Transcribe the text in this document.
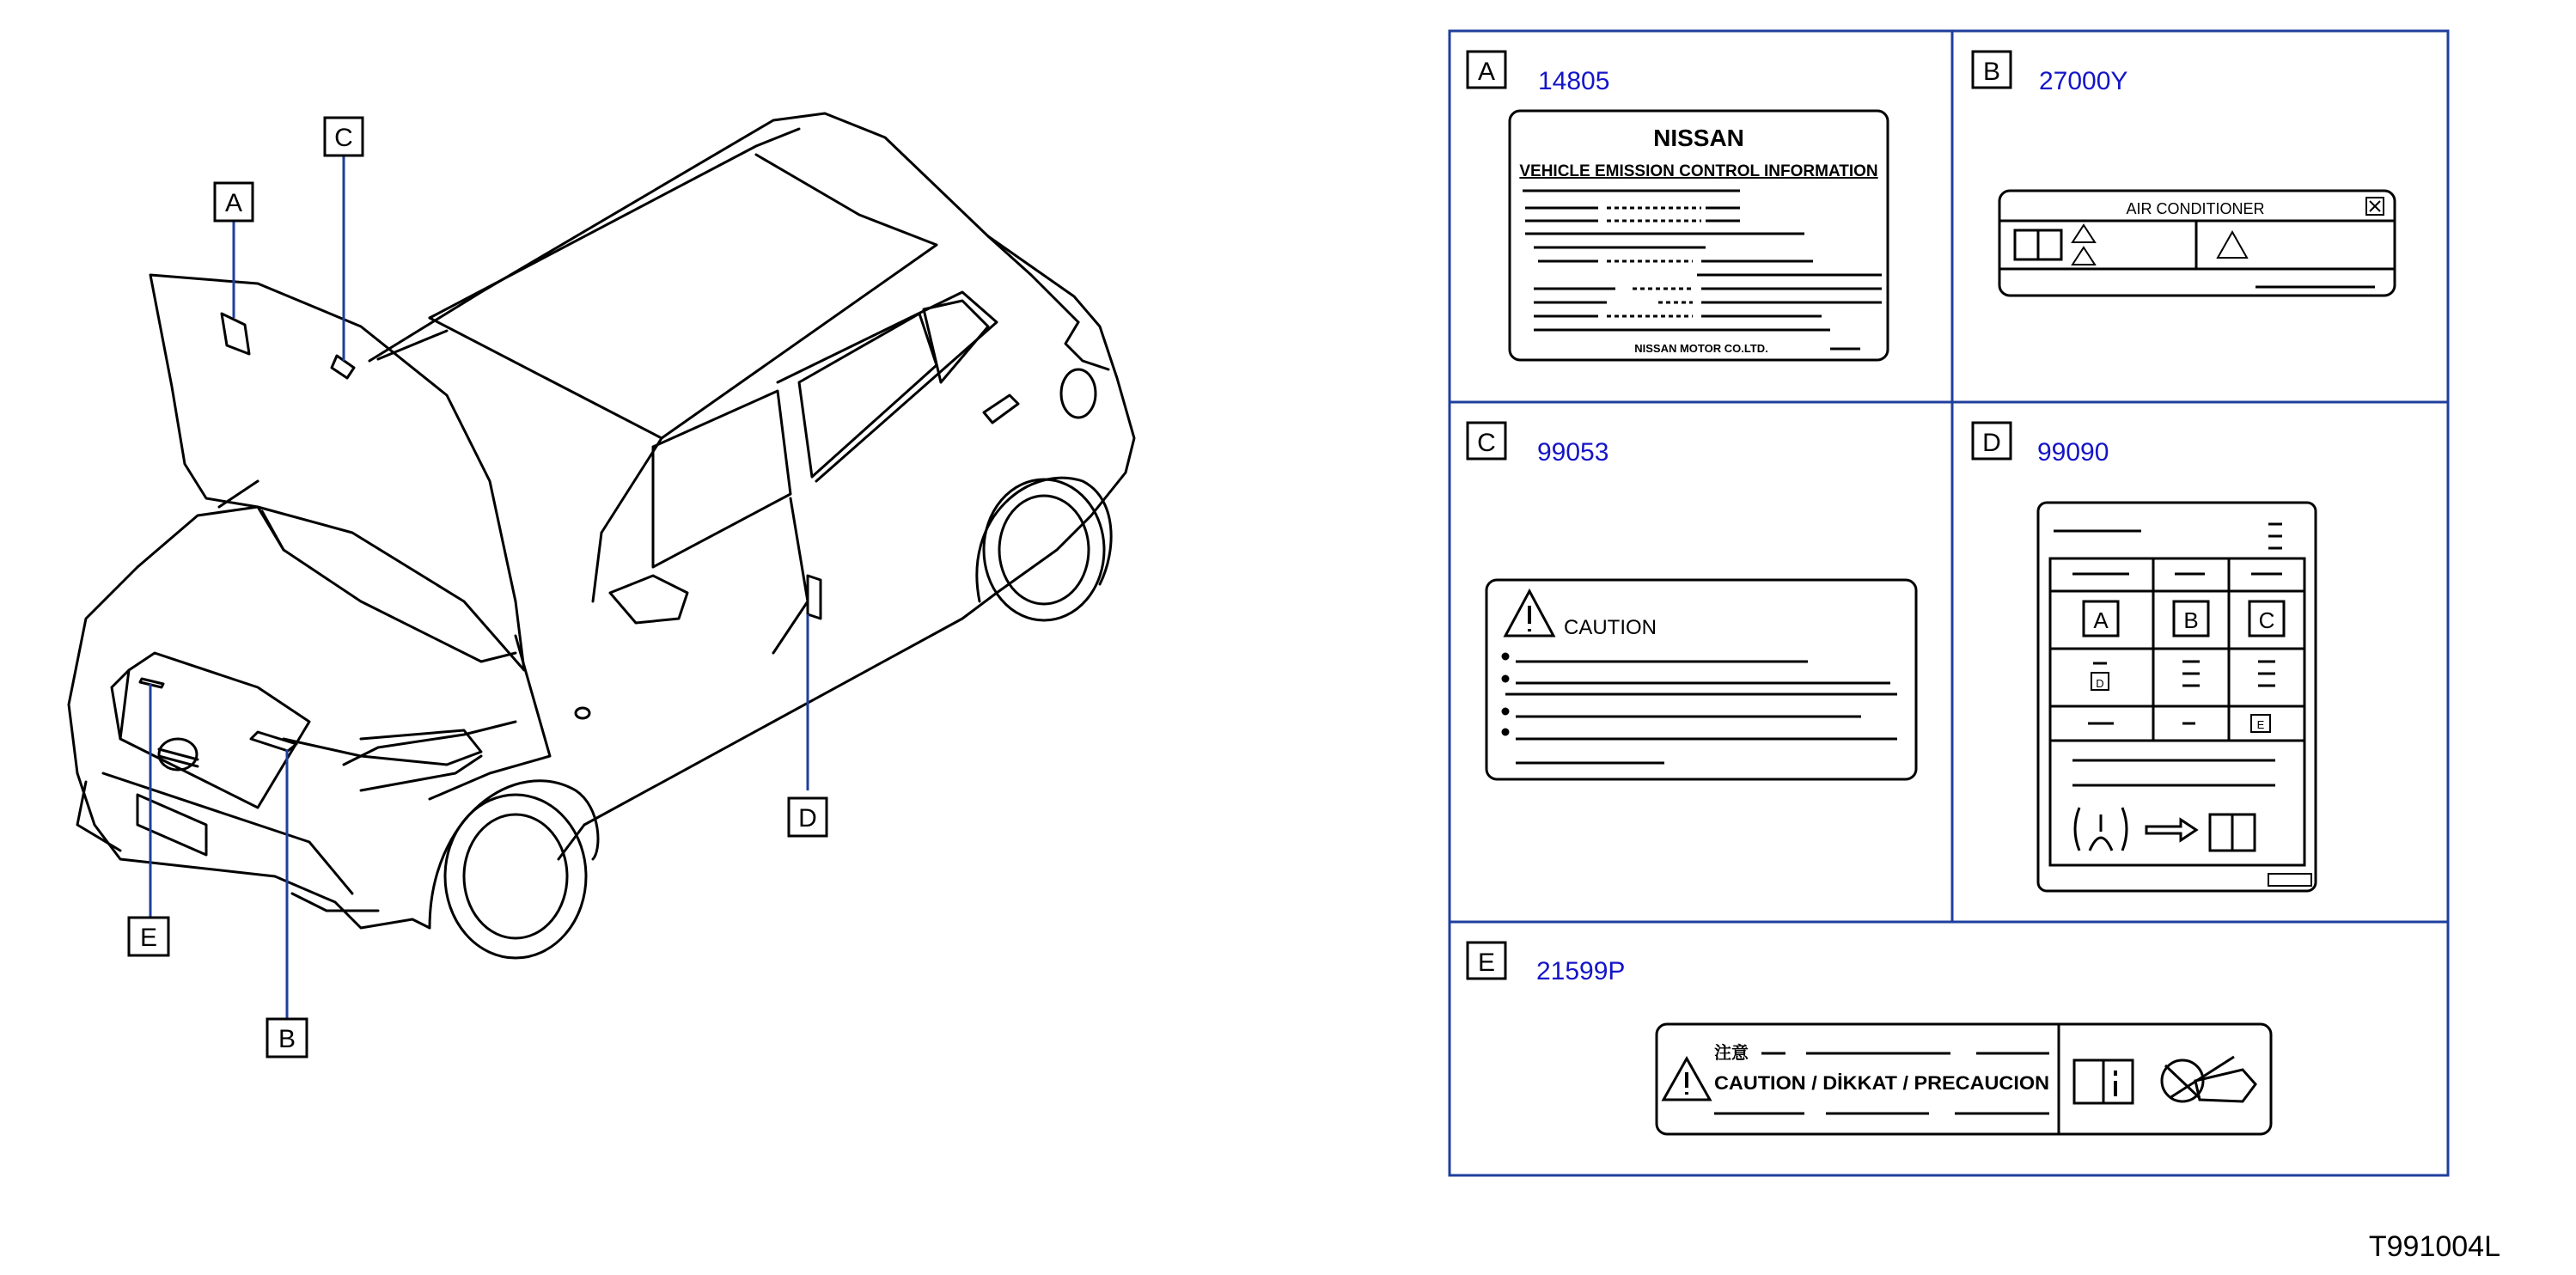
A
C
D
E
B
A 14805
NISSAN
VEHICLE EMISSION CONTROL INFORMATION
NISSAN MOTOR CO.LTD.
B 27000Y
AIR CONDITIONER
C 99053
CAUTION
D 99090
A	B	C
D
E
E 21599P
注意
CAUTION / DİKKAT / PRECAUCION
T991004L
